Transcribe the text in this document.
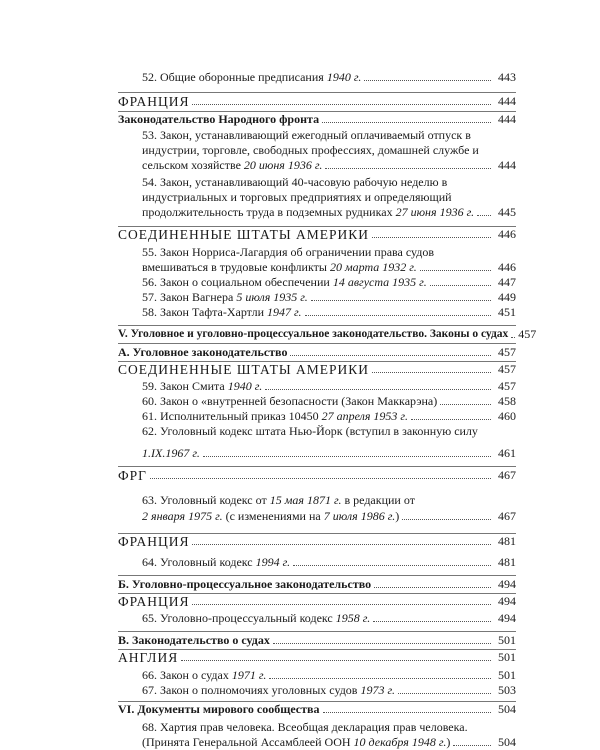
52. Общие оборонные предписания 1940 г.	443
ФРАНЦИЯ	444
Законодательство Народного фронта	444
53. Закон, устанавливающий ежегодный оплачиваемый отпуск в
индустрии, торговле, свободных профессиях, домашней службе и
сельском хозяйстве 20 июня 1936 г.	444
54. Закон, устанавливающий 40-часовую рабочую неделю в
индустриальных и торговых предприятиях и определяющий
продолжительность труда в подземных рудниках 27 июня 1936 г.	445
СОЕДИНЕННЫЕ ШТАТЫ АМЕРИКИ	446
55. Закон Норриса-Лагардия об ограничении права судов
вмешиваться в трудовые конфликты 20 марта 1932 г.	446
56. Закон о социальном обеспечении 14 августа 1935 г.	447
57. Закон Вагнера 5 июля 1935 г.	449
58. Закон Тафта-Хартли 1947 г.	451
V. Уголовное и уголовно-процессуальное законодательство. Законы о судах 457
А. Уголовное законодательство	457
СОЕДИНЕННЫЕ ШТАТЫ АМЕРИКИ	457
59. Закон Смита 1940 г.	457
60. Закон о «внутренней безопасности (Закон Маккарэна)	458
61. Исполнительный приказ 10450 27 апреля 1953 г.	460
62. Уголовный кодекс штата Нью-Йорк (вступил в законную силу
1.IX.1967 г.	461
ФРГ	467
63. Уголовный кодекс от 15 мая 1871 г. в редакции от
2 января 1975 г. (с изменениями на 7 июля 1986 г.)	467
ФРАНЦИЯ	481
64. Уголовный кодекс 1994 г.	481
Б. Уголовно-процессуальное законодательство	494
ФРАНЦИЯ	494
65. Уголовно-процессуальный кодекс 1958 г.	494
В. Законодательство о судах	501
АНГЛИЯ	501
66. Закон о судах 1971 г.	501
67. Закон о полномочиях уголовных судов 1973 г.	503
VI. Документы мирового сообщества	504
68. Хартия прав человека. Всеобщая декларация прав человека.
(Принята Генеральной Ассамблеей ООН 10 декабря 1948 г.)	504
